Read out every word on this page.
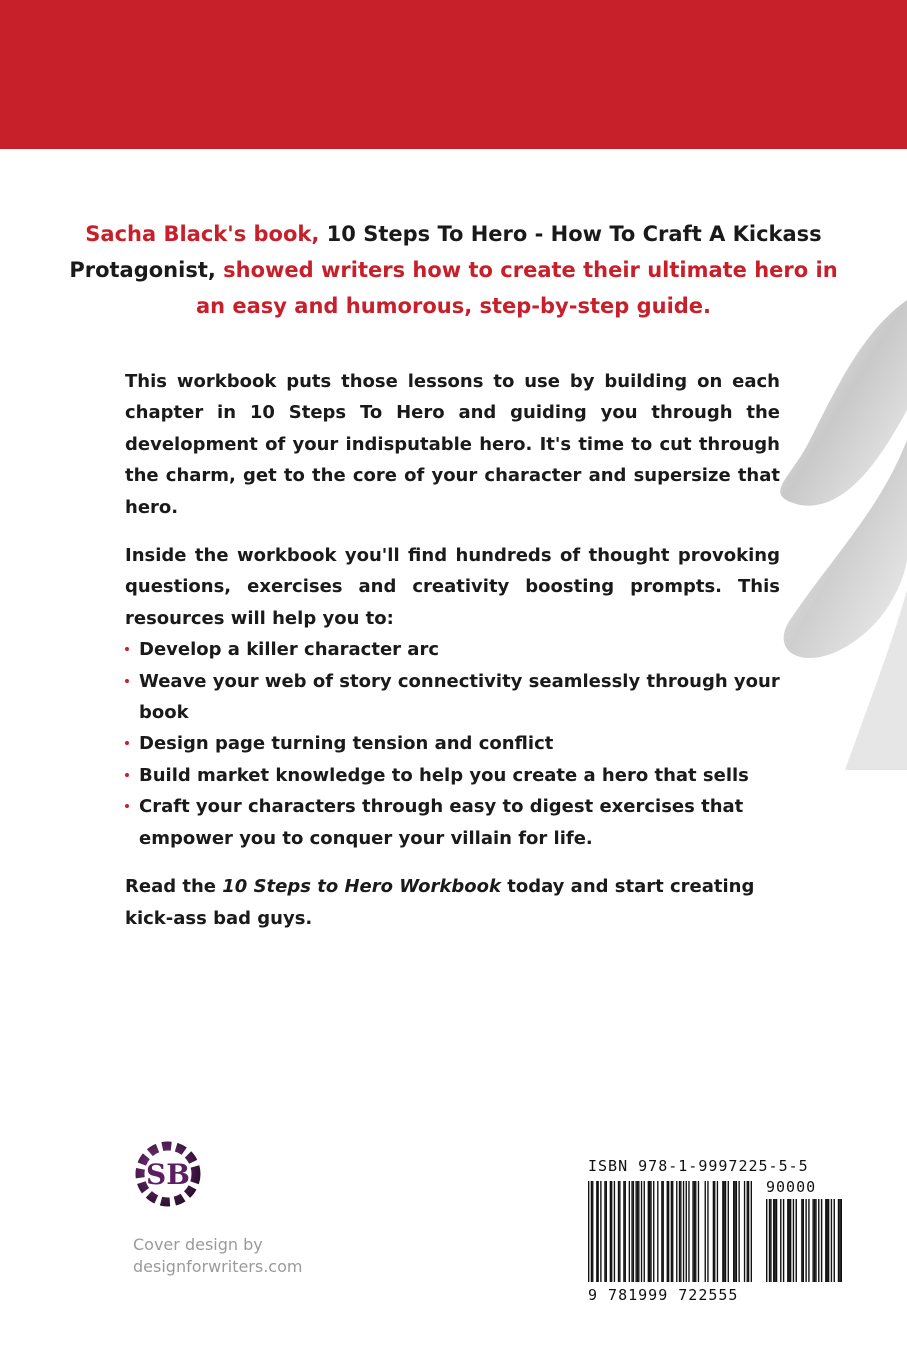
Sacha Black's book, 10 Steps To Hero - How To Craft A Kickass Protagonist, showed writers how to create their ultimate hero in an easy and humorous, step-by-step guide.

This workbook puts those lessons to use by building on each chapter in 10 Steps To Hero and guiding you through the development of your indisputable hero. It's time to cut through the charm, get to the core of your character and supersize that hero.

Inside the workbook you'll find hundreds of thought provoking questions, exercises and creativity boosting prompts. This resources will help you to:

Develop a killer character arc
Weave your web of story connectivity seamlessly through your book
Design page turning tension and conflict
Build market knowledge to help you create a hero that sells
Craft your characters through easy to digest exercises that empower you to conquer your villain for life.

Read the 10 Steps to Hero Workbook today and start creating kick-ass bad guys.

SB
Cover design by
designforwriters.com
ISBN 978-1-9997225-5-5
90000
9 781999 722555
